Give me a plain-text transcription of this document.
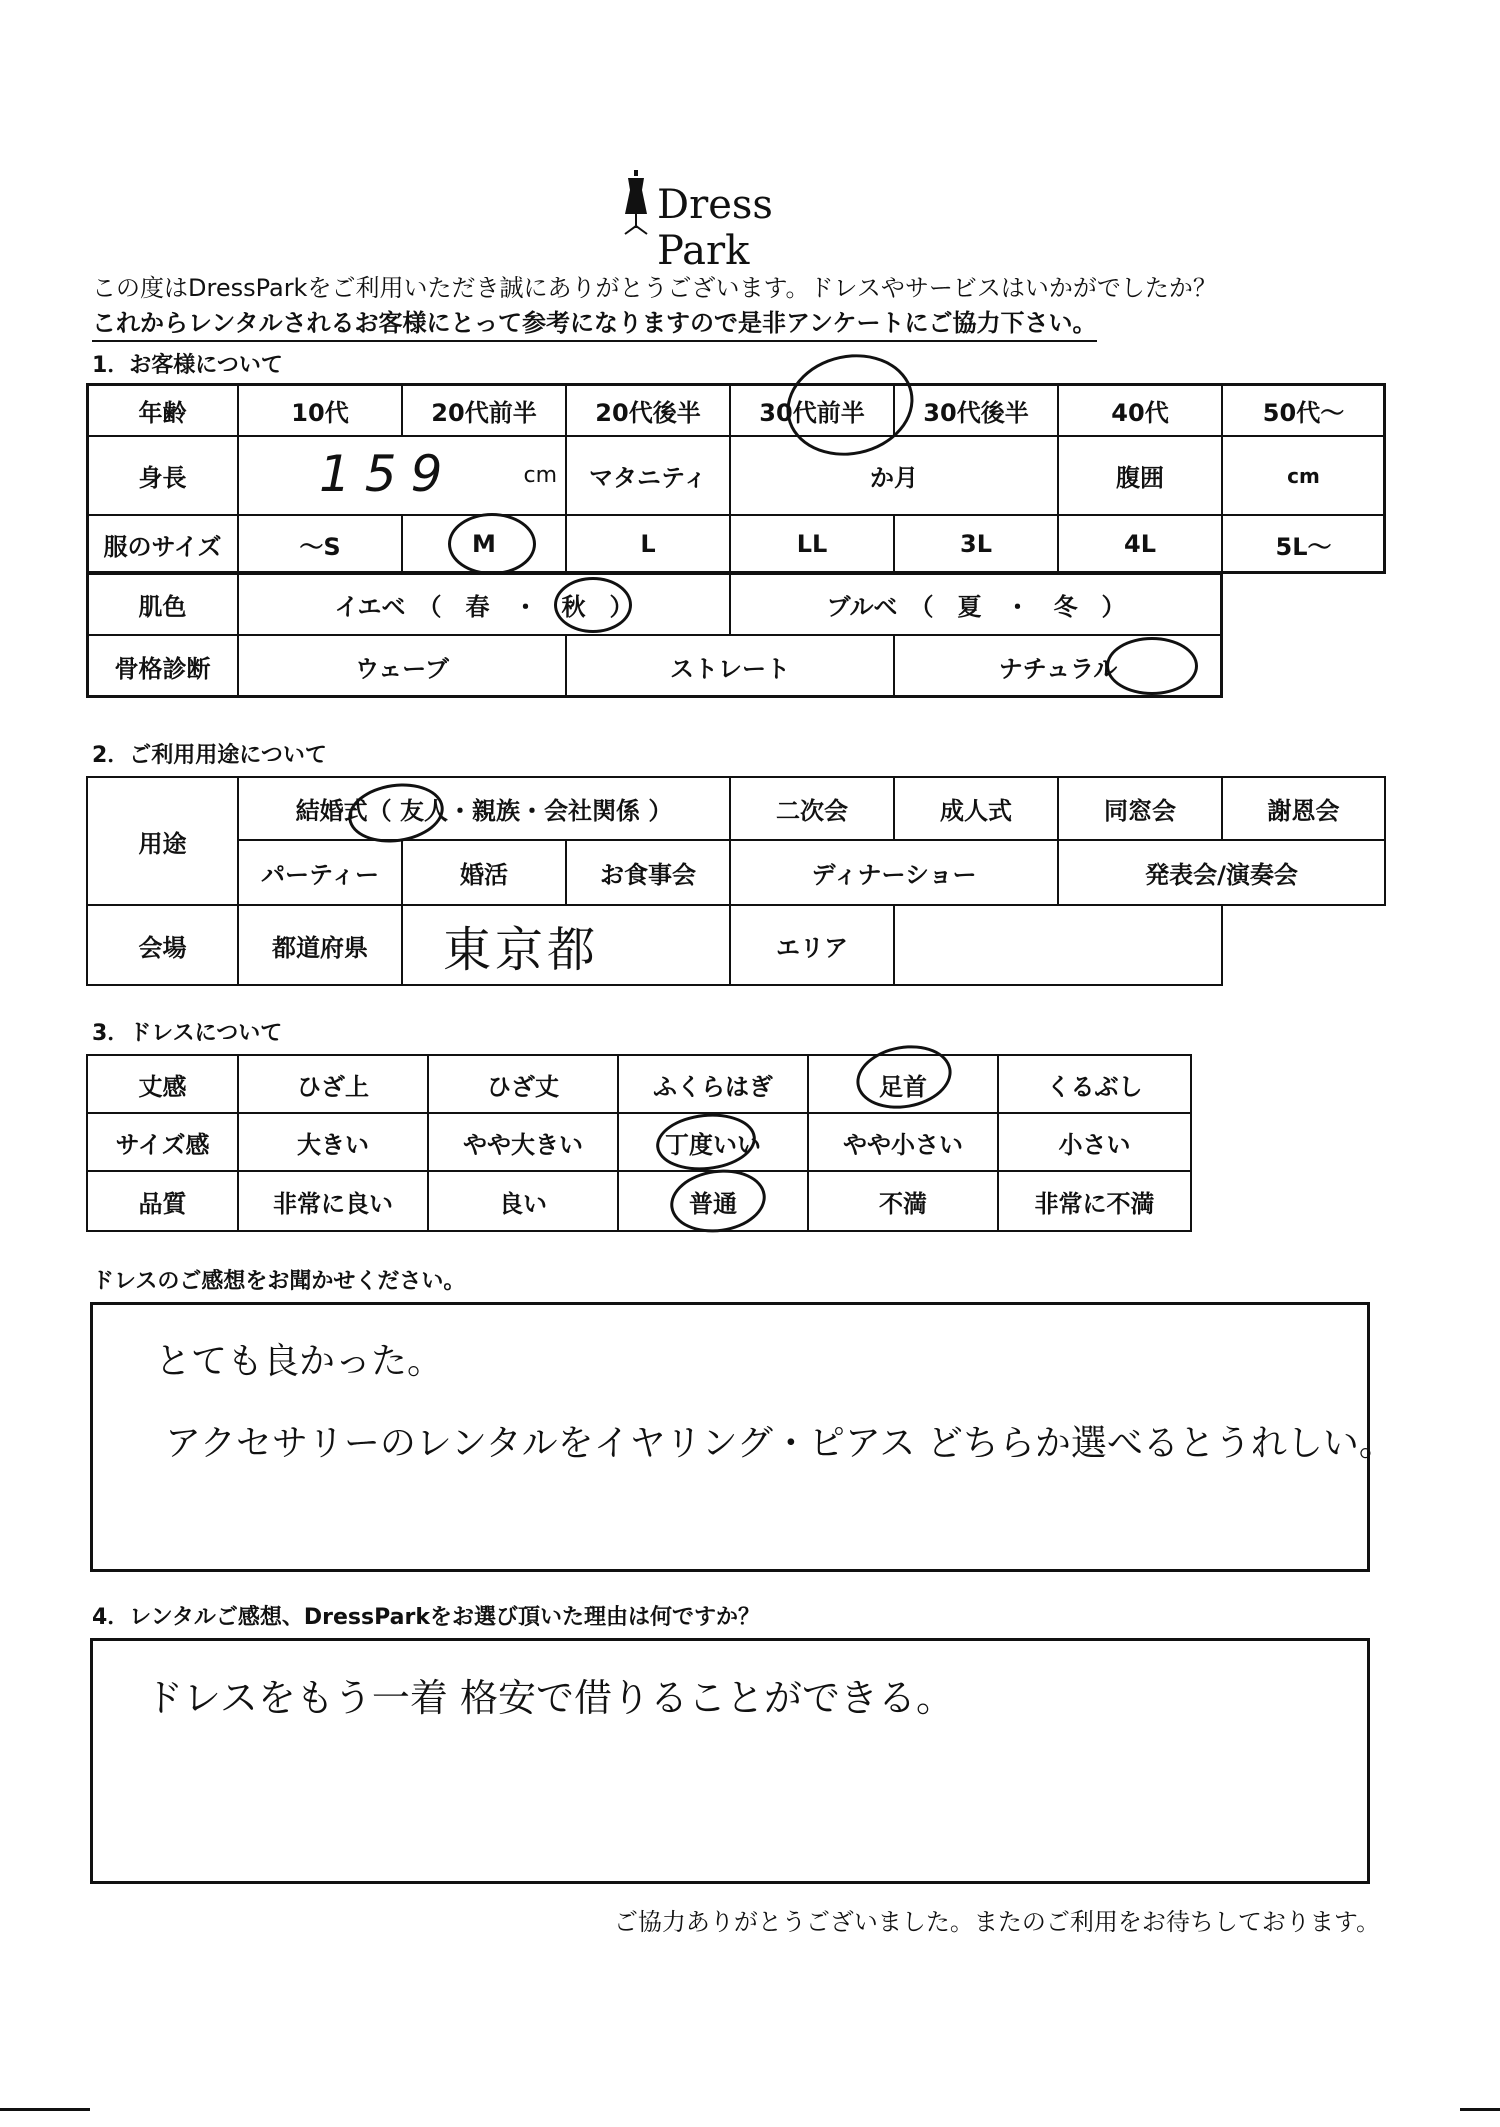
Dress Park
この度はDressParkをご利用いただき誠にありがとうございます。ドレスやサービスはいかがでしたか？
これからレンタルされるお客様にとって参考になりますので是非アンケートにご協力下さい。
1．お客様について
年齢	10代	20代前半	20代後半	30代前半	30代後半	40代	50代～
身長	159	cm	マタニティ	か月	腹囲	cm
服のサイズ	～S	M	L	LL	3L	4L	5L～
肌色	イエベ　（　春　・　秋　）	ブルベ　（　夏　・　冬　）
骨格診断	ウェーブ	ストレート	ナチュラル
2．ご利用用途について
用途
結婚式（ 友人・親族・会社関係 ）	二次会	成人式	同窓会	謝恩会
パーティー	婚活	お食事会	ディナーショー	発表会/演奏会
会場	都道府県	東京都	エリア
3．ドレスについて
丈感	ひざ上	ひざ丈	ふくらはぎ	足首	くるぶし
サイズ感	大きい	やや大きい	丁度いい	やや小さい	小さい
品質	非常に良い	良い	普通	不満	非常に不満
ドレスのご感想をお聞かせください。
とても良かった。
アクセサリーのレンタルをイヤリング・ピアス どちらか選べるとうれしい。
4．レンタルご感想、DressParkをお選び頂いた理由は何ですか？
ドレスをもう一着 格安で借りることができる。
ご協力ありがとうございました。またのご利用をお待ちしております。
